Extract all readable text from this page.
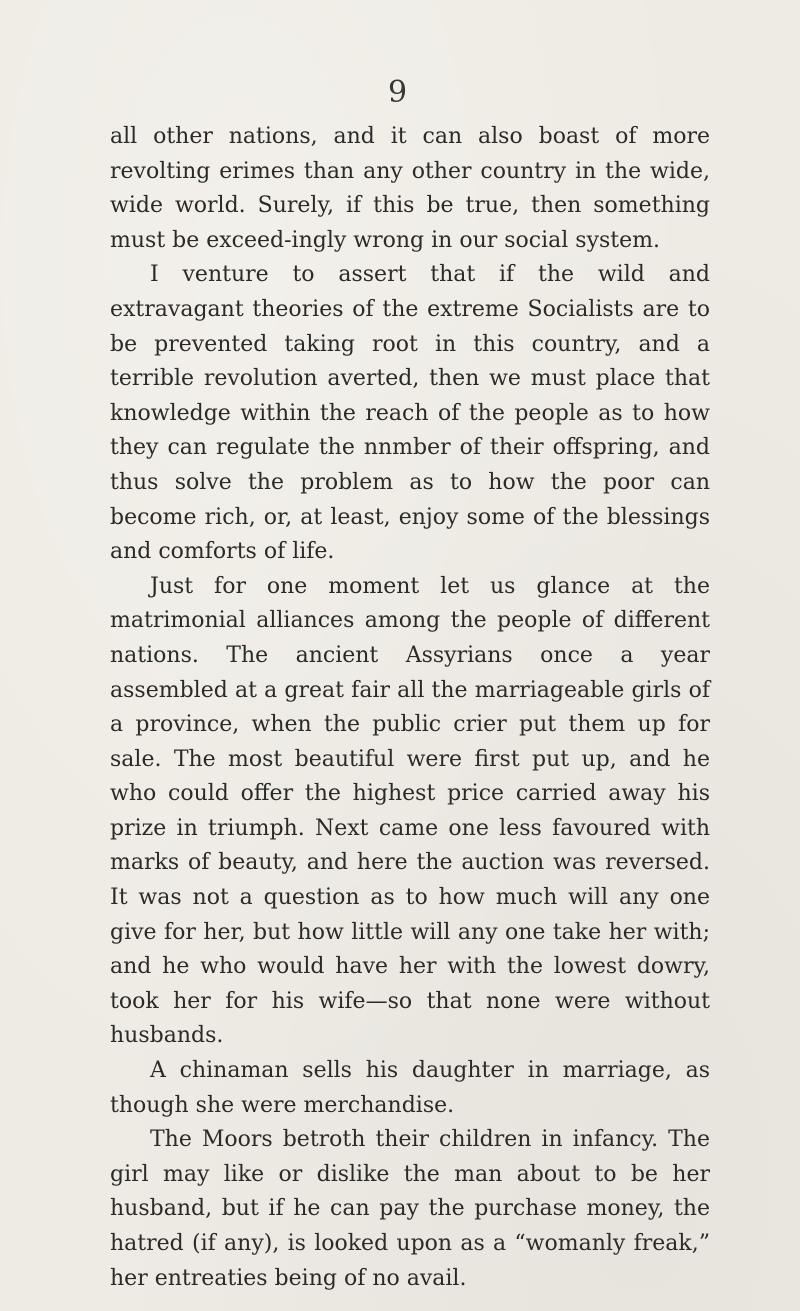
9

all other nations, and it can also boast of more revolting erimes than any other country in the wide, wide world. Surely, if this be true, then something must be exceed-ingly wrong in our social system.

I venture to assert that if the wild and extravagant theories of the extreme Socialists are to be prevented taking root in this country, and a terrible revolution averted, then we must place that knowledge within the reach of the people as to how they can regulate the nnmber of their offspring, and thus solve the problem as to how the poor can become rich, or, at least, enjoy some of the blessings and comforts of life.

Just for one moment let us glance at the matrimonial alliances among the people of different nations. The ancient Assyrians once a year assembled at a great fair all the marriageable girls of a province, when the public crier put them up for sale. The most beautiful were first put up, and he who could offer the highest price carried away his prize in triumph. Next came one less favoured with marks of beauty, and here the auction was reversed. It was not a question as to how much will any one give for her, but how little will any one take her with; and he who would have her with the lowest dowry, took her for his wife—so that none were without husbands.

A chinaman sells his daughter in marriage, as though she were merchandise.

The Moors betroth their children in infancy. The girl may like or dislike the man about to be her husband, but if he can pay the purchase money, the hatred (if any), is looked upon as a “womanly freak,” her entreaties being of no avail.
